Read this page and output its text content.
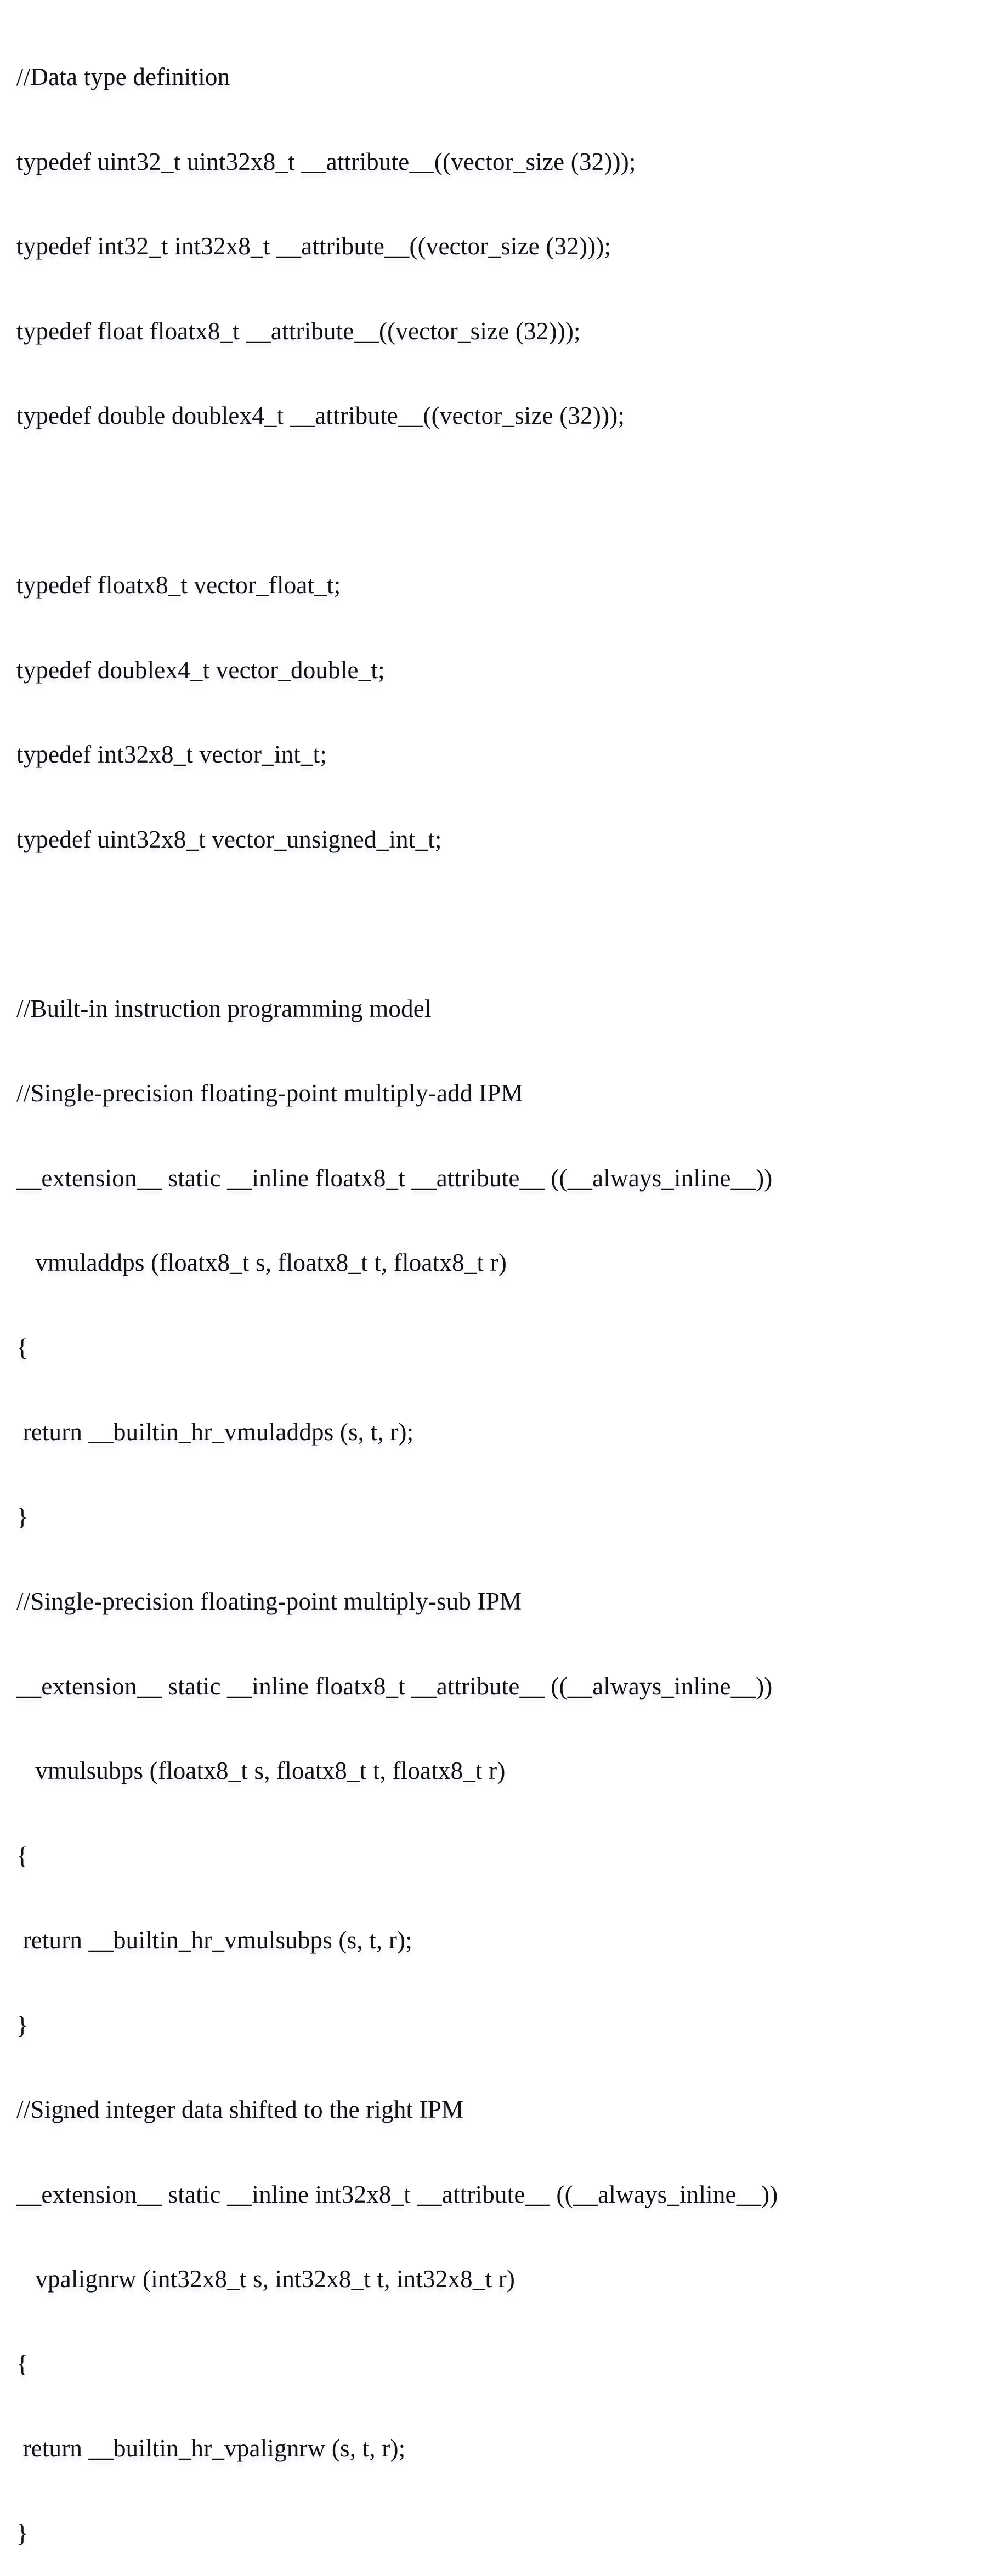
//Data type definition

typedef uint32_t uint32x8_t __attribute__((vector_size (32)));

typedef int32_t int32x8_t __attribute__((vector_size (32)));

typedef float floatx8_t __attribute__((vector_size (32)));

typedef double doublex4_t __attribute__((vector_size (32)));

typedef floatx8_t vector_float_t;

typedef doublex4_t vector_double_t;

typedef int32x8_t vector_int_t;

typedef uint32x8_t vector_unsigned_int_t;

//Built-in instruction programming model

//Single-precision floating-point multiply-add IPM

__extension__ static __inline floatx8_t __attribute__ ((__always_inline__))

vmuladdps (floatx8_t s, floatx8_t t, floatx8_t r)

{

return __builtin_hr_vmuladdps (s, t, r);

}

//Single-precision floating-point multiply-sub IPM

__extension__ static __inline floatx8_t __attribute__ ((__always_inline__))

vmulsubps (floatx8_t s, floatx8_t t, floatx8_t r)

{

return __builtin_hr_vmulsubps (s, t, r);

}

//Signed integer data shifted to the right IPM

__extension__ static __inline int32x8_t __attribute__ ((__always_inline__))

vpalignrw (int32x8_t s, int32x8_t t, int32x8_t r)

{

return __builtin_hr_vpalignrw (s, t, r);

}
